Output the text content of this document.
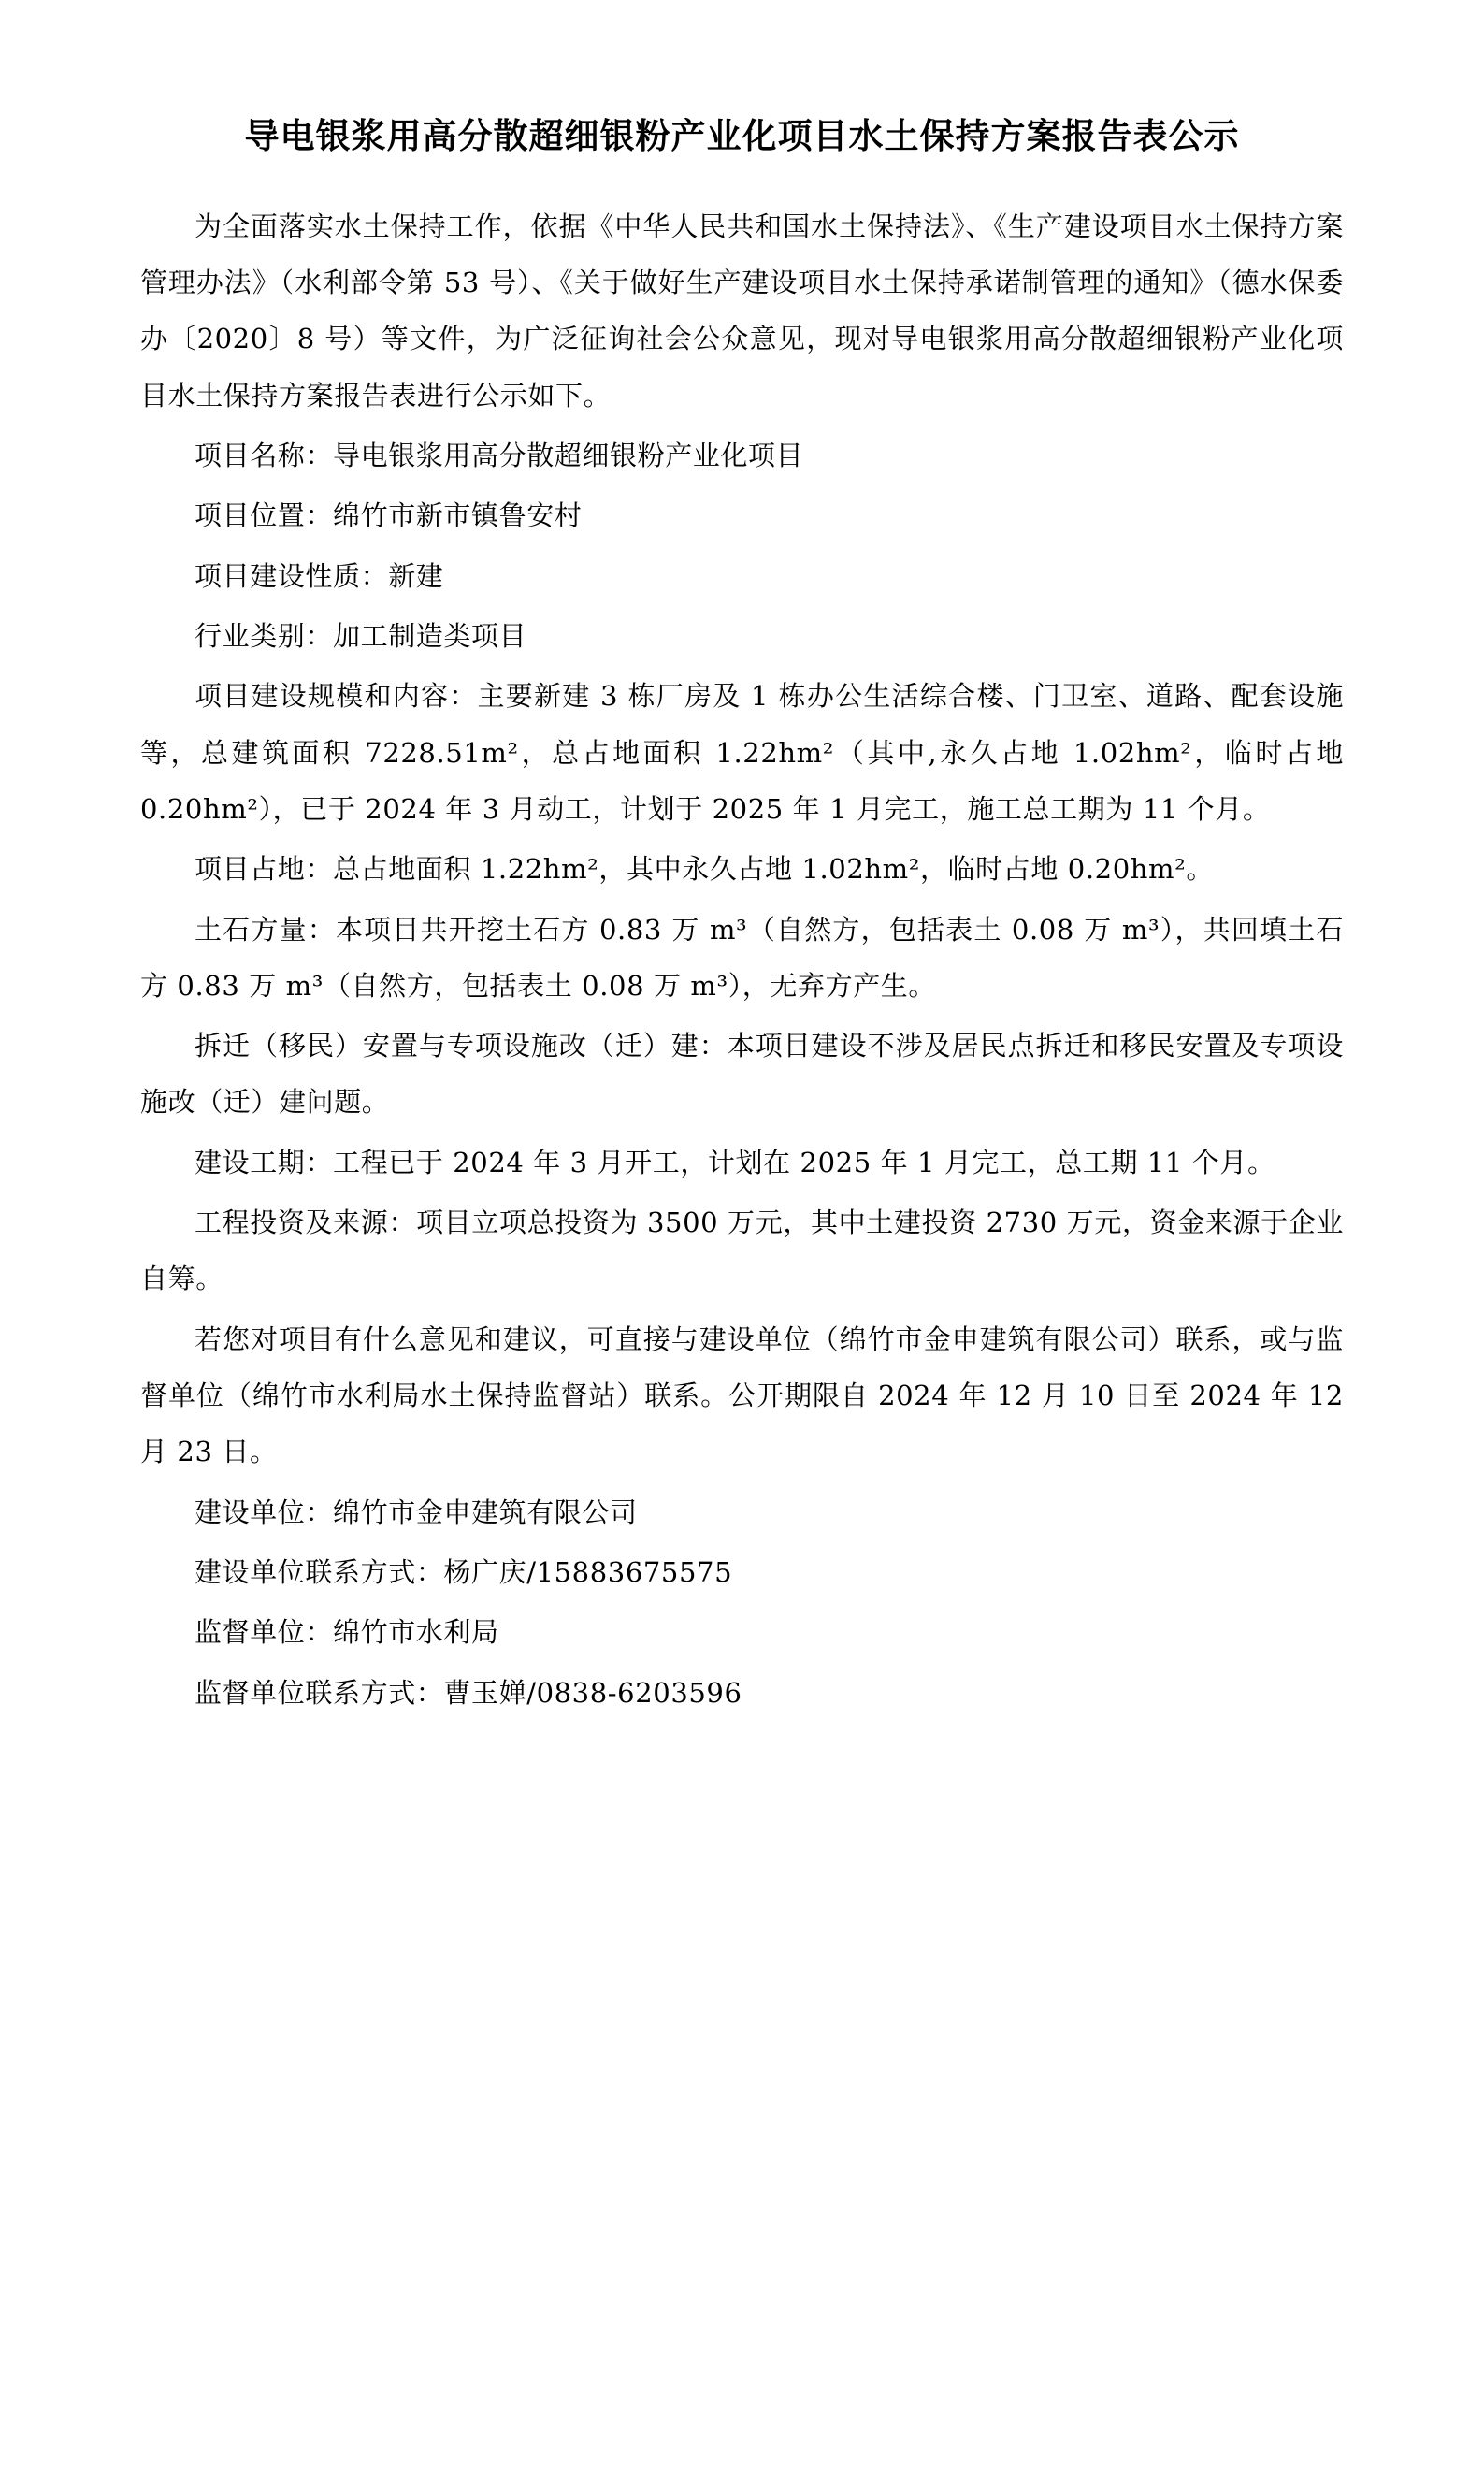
导电银浆用高分散超细银粉产业化项目水土保持方案报告表公示

为全面落实水土保持工作，依据《中华人民共和国水土保持法》、《生产建设项目水土保持方案管理办法》（水利部令第 53 号）、《关于做好生产建设项目水土保持承诺制管理的通知》（德水保委办〔2020〕8 号）等文件，为广泛征询社会公众意见，现对导电银浆用高分散超细银粉产业化项目水土保持方案报告表进行公示如下。

项目名称：导电银浆用高分散超细银粉产业化项目

项目位置：绵竹市新市镇鲁安村

项目建设性质：新建

行业类别：加工制造类项目

项目建设规模和内容：主要新建 3 栋厂房及 1 栋办公生活综合楼、门卫室、道路、配套设施等，总建筑面积 7228.51m²，总占地面积 1.22hm²（其中,永久占地 1.02hm²，临时占地 0.20hm²），已于 2024 年 3 月动工，计划于 2025 年 1 月完工，施工总工期为 11 个月。

项目占地：总占地面积 1.22hm²，其中永久占地 1.02hm²，临时占地 0.20hm²。

土石方量：本项目共开挖土石方 0.83 万 m³（自然方，包括表土 0.08 万 m³），共回填土石方 0.83 万 m³（自然方，包括表土 0.08 万 m³），无弃方产生。

拆迁（移民）安置与专项设施改（迁）建：本项目建设不涉及居民点拆迁和移民安置及专项设施改（迁）建问题。

建设工期：工程已于 2024 年 3 月开工，计划在 2025 年 1 月完工，总工期 11 个月。

工程投资及来源：项目立项总投资为 3500 万元，其中土建投资 2730 万元，资金来源于企业自筹。

若您对项目有什么意见和建议，可直接与建设单位（绵竹市金申建筑有限公司）联系，或与监督单位（绵竹市水利局水土保持监督站）联系。公开期限自 2024 年 12 月 10 日至 2024 年 12 月 23 日。

建设单位：绵竹市金申建筑有限公司

建设单位联系方式：杨广庆/15883675575

监督单位：绵竹市水利局

监督单位联系方式：曹玉婵/0838-6203596
